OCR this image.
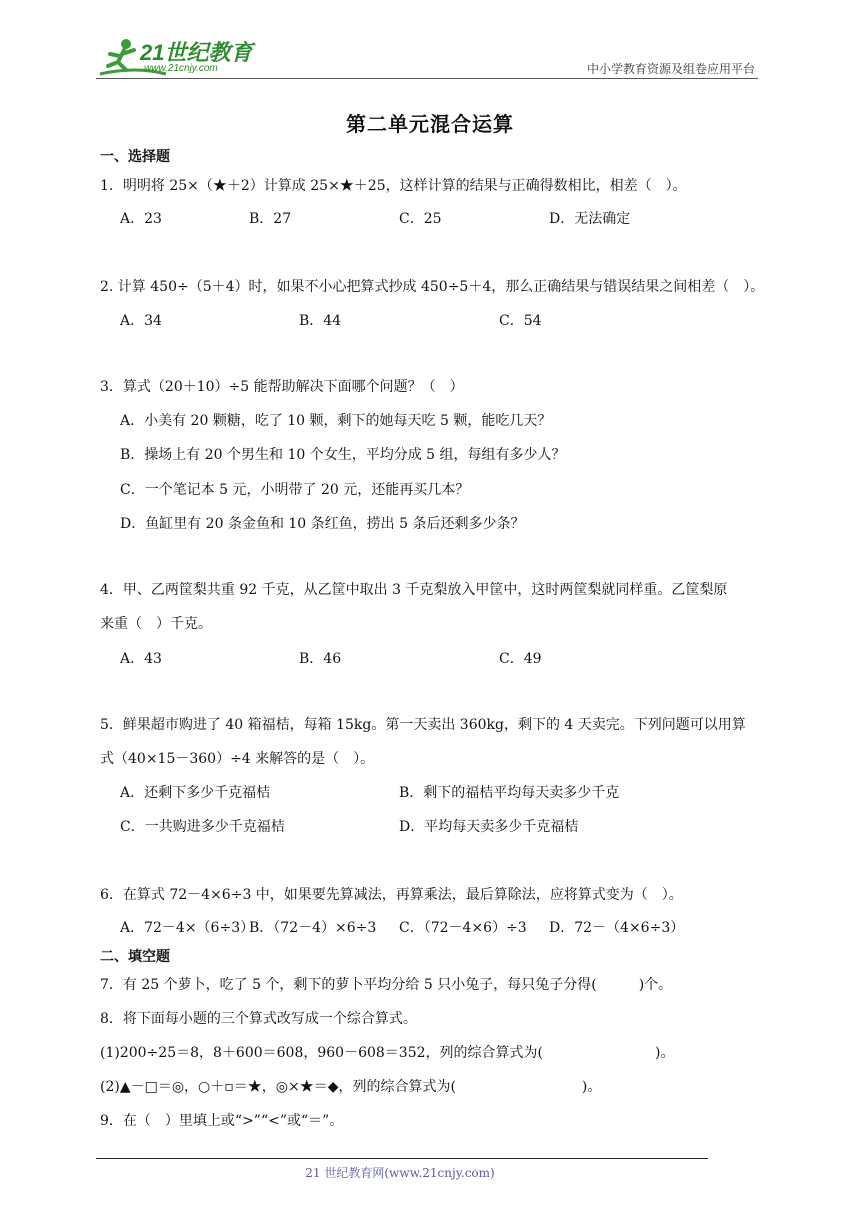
21世纪教育
www.21cnjy.com	中小学教育资源及组卷应用平台
第二单元混合运算
一、选择题
1．明明将 25×（★＋2）计算成 25×★＋25，这样计算的结果与正确得数相比，相差（　）。
A．23	B．27	C．25	D．无法确定
2. 计算 450÷（5＋4）时，如果不小心把算式抄成 450÷5＋4，那么正确结果与错误结果之间相差（　）。
A．34	B．44	C．54
3．算式（20＋10）÷5 能帮助解决下面哪个问题？（　）
A．小美有 20 颗糖，吃了 10 颗，剩下的她每天吃 5 颗，能吃几天？
B．操场上有 20 个男生和 10 个女生，平均分成 5 组，每组有多少人？
C．一个笔记本 5 元，小明带了 20 元，还能再买几本？
D．鱼缸里有 20 条金鱼和 10 条红鱼，捞出 5 条后还剩多少条？
4．甲、乙两筐梨共重 92 千克，从乙筐中取出 3 千克梨放入甲筐中，这时两筐梨就同样重。乙筐梨原
来重（　）千克。
A．43	B．46	C．49
5．鲜果超市购进了 40 箱福桔，每箱 15kg。第一天卖出 360kg，剩下的 4 天卖完。下列问题可以用算
式（40×15－360）÷4 来解答的是（　）。
A．还剩下多少千克福桔	B．剩下的福桔平均每天卖多少千克
C．一共购进多少千克福桔	D．平均每天卖多少千克福桔
6．在算式 72－4×6÷3 中，如果要先算减法，再算乘法，最后算除法，应将算式变为（　）。
A．72－4×（6÷3）
B．（72－4）×6÷3 C．（72－4×6）÷3 D．72－（4×6÷3）
二、填空题
7．有 25 个萝卜，吃了 5 个，剩下的萝卜平均分给 5 只小兔子，每只兔子分得(　　　)个。
8．将下面每小题的三个算式改写成一个综合算式。
(1)200÷25＝8，8＋600＝608，960－608＝352，列的综合算式为(　　　　　　　　)。
(2)▲－□＝◎，○＋▫＝★，◎×★＝◆，列的综合算式为(　　　　　　　　　)。
9．在（　）里填上或“>”“<”或“＝”。
21 世纪教育网(www.21cnjy.com)
